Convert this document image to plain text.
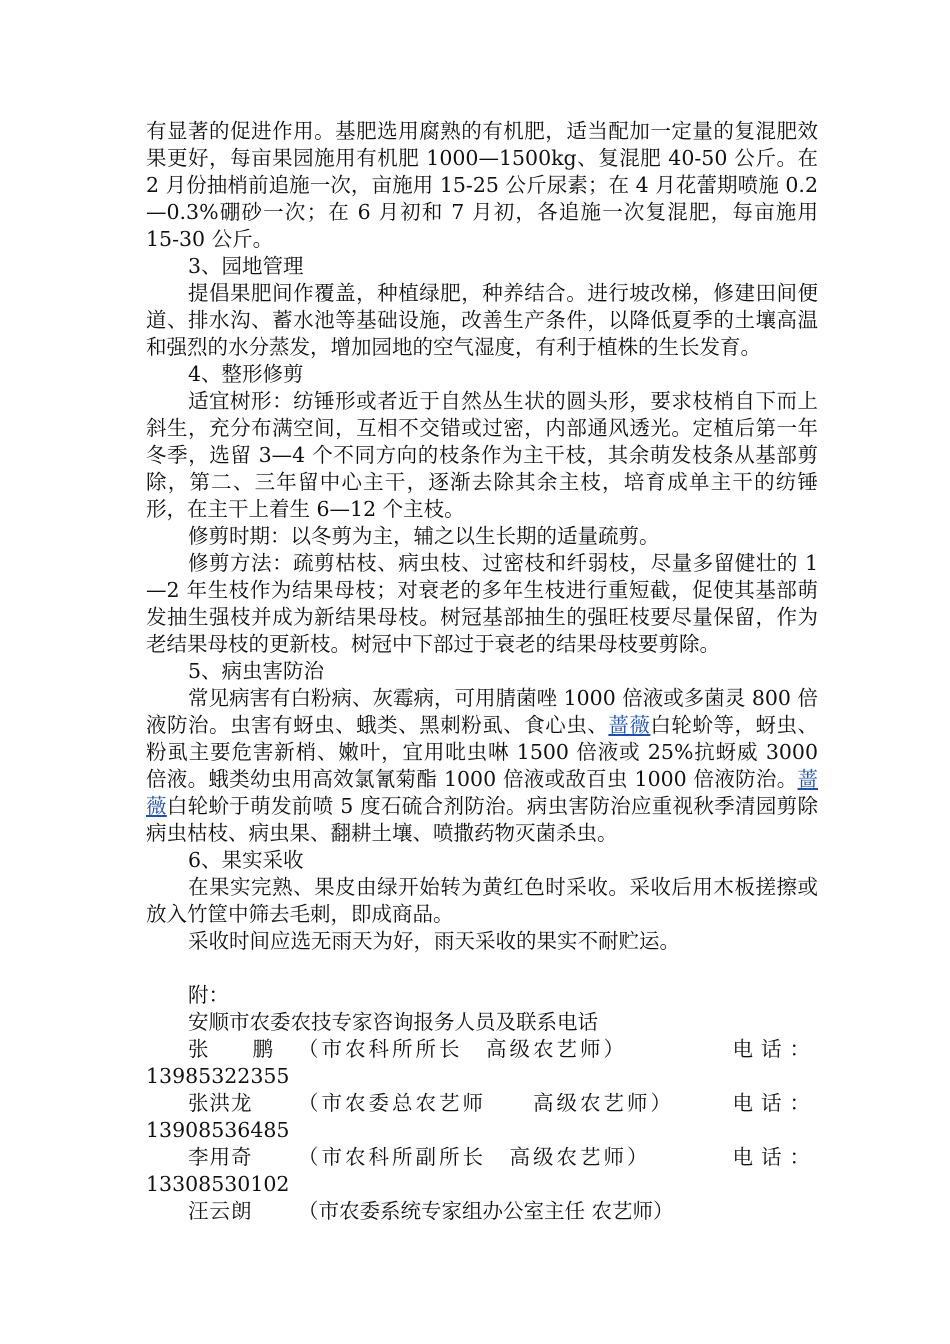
有显著的促进作用。基肥选用腐熟的有机肥，适当配加一定量的复混肥效果更好，每亩果园施用有机肥 1000—1500kg、复混肥 40-50 公斤。在 2 月份抽梢前追施一次，亩施用 15-25 公斤尿素；在 4 月花蕾期喷施 0.2—0.3%硼砂一次；在 6 月初和 7 月初，各追施一次复混肥，每亩施用 15-30 公斤。

3、园地管理

提倡果肥间作覆盖，种植绿肥，种养结合。进行坡改梯，修建田间便道、排水沟、蓄水池等基础设施，改善生产条件，以降低夏季的土壤高温和强烈的水分蒸发，增加园地的空气湿度，有利于植株的生长发育。

4、整形修剪

适宜树形：纺锤形或者近于自然丛生状的圆头形，要求枝梢自下而上斜生，充分布满空间，互相不交错或过密，内部通风透光。定植后第一年冬季，选留 3—4 个不同方向的枝条作为主干枝，其余萌发枝条从基部剪除，第二、三年留中心主干，逐渐去除其余主枝，培育成单主干的纺锤形，在主干上着生 6—12 个主枝。

修剪时期：以冬剪为主，辅之以生长期的适量疏剪。

修剪方法：疏剪枯枝、病虫枝、过密枝和纤弱枝，尽量多留健壮的 1—2 年生枝作为结果母枝；对衰老的多年生枝进行重短截，促使其基部萌发抽生强枝并成为新结果母枝。树冠基部抽生的强旺枝要尽量保留，作为老结果母枝的更新枝。树冠中下部过于衰老的结果母枝要剪除。

5、病虫害防治

常见病害有白粉病、灰霉病，可用腈菌唑 1000 倍液或多菌灵 800 倍液防治。虫害有蚜虫、蛾类、黑刺粉虱、食心虫、蔷薇白轮蚧等，蚜虫、粉虱主要危害新梢、嫩叶，宜用吡虫啉 1500 倍液或 25%抗蚜威 3000 倍液。蛾类幼虫用高效氯氰菊酯 1000 倍液或敌百虫 1000 倍液防治。蔷薇白轮蚧于萌发前喷 5 度石硫合剂防治。病虫害防治应重视秋季清园剪除病虫枯枝、病虫果、翻耕土壤、喷撒药物灭菌杀虫。

6、果实采收

在果实完熟、果皮由绿开始转为黄红色时采收。采收后用木板搓擦或放入竹筐中筛去毛刺，即成商品。

采收时间应选无雨天为好，雨天采收的果实不耐贮运。

附：

安顺市农委农技专家咨询报务人员及联系电话

张　　鹏	（市农科所所长　高级农艺师）	电话：
13985322355
张洪龙	（市农委总农艺师　　高级农艺师）	电话：
13908536485
李用奇	（市农科所副所长　高级农艺师）	电话：
13308530102
汪云朗	（市农委系统专家组办公室主任 农艺师）
